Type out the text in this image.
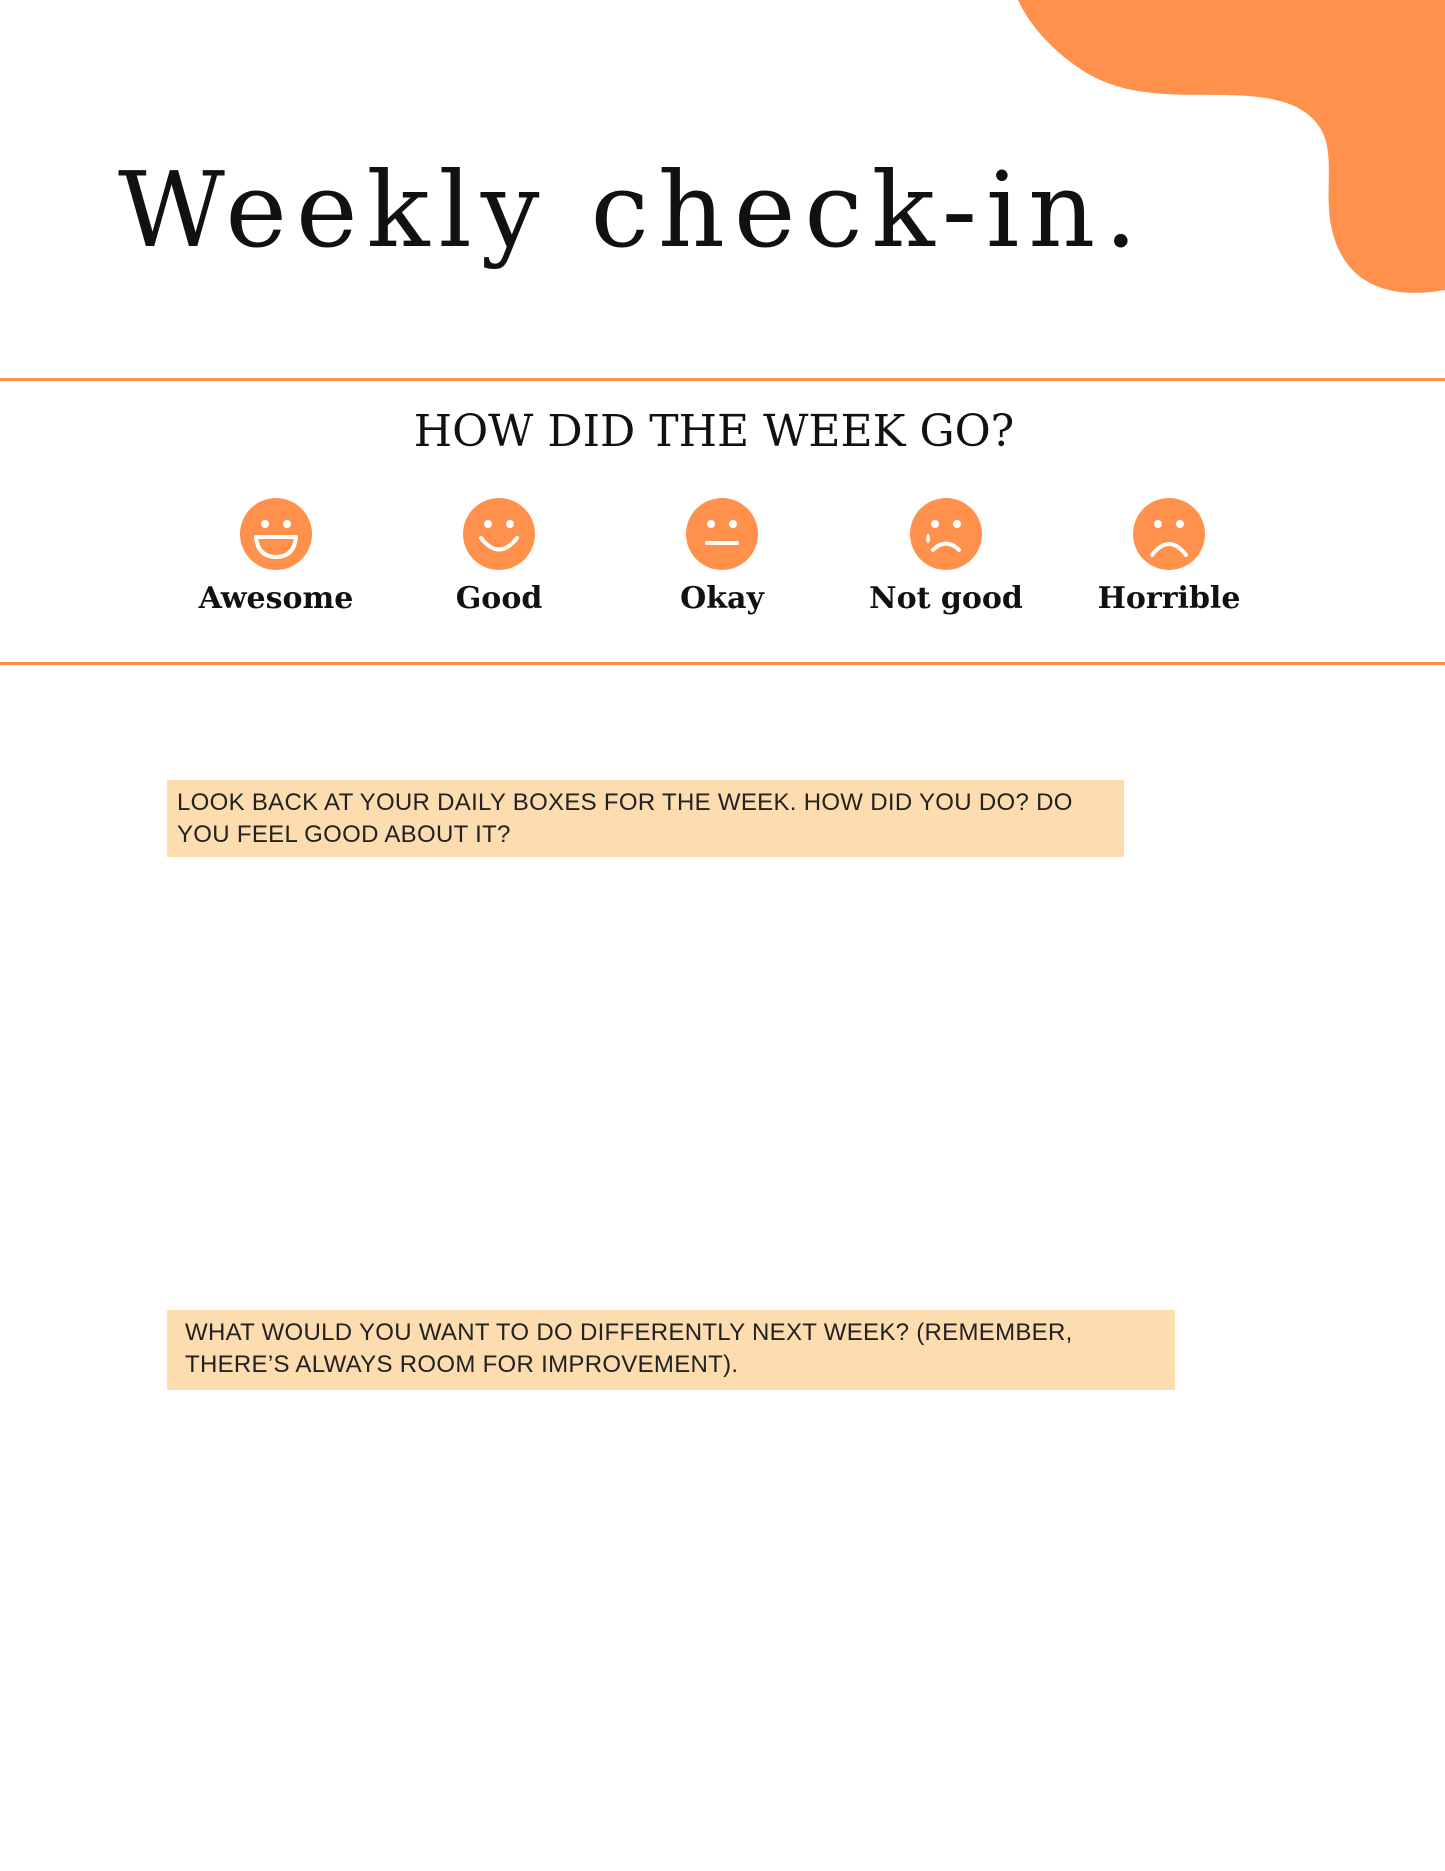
Weekly check-in.
HOW DID THE WEEK GO?
Awesome	Good	Okay	Not good	Horrible
LOOK BACK AT YOUR DAILY BOXES FOR THE WEEK. HOW DID YOU DO? DO YOU FEEL GOOD ABOUT IT?
WHAT WOULD YOU WANT TO DO DIFFERENTLY NEXT WEEK? (REMEMBER, THERE’S ALWAYS ROOM FOR IMPROVEMENT).
